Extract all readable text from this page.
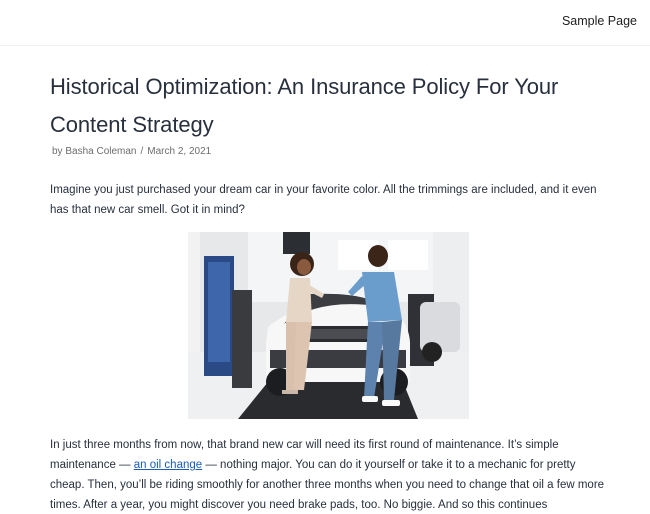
Sample Page
Historical Optimization: An Insurance Policy For Your
Content Strategy
by Basha Coleman / March 2, 2021

Imagine you just purchased your dream car in your favorite color. All the trimmings are included, and it even has that new car smell. Got it in mind?

In just three months from now, that brand new car will need its first round of maintenance. It’s simple maintenance — an oil change — nothing major. You can do it yourself or take it to a mechanic for pretty cheap. Then, you’ll be riding smoothly for another three months when you need to change that oil a few more times. After a year, you might discover you need brake pads, too. No biggie. And so this continues
